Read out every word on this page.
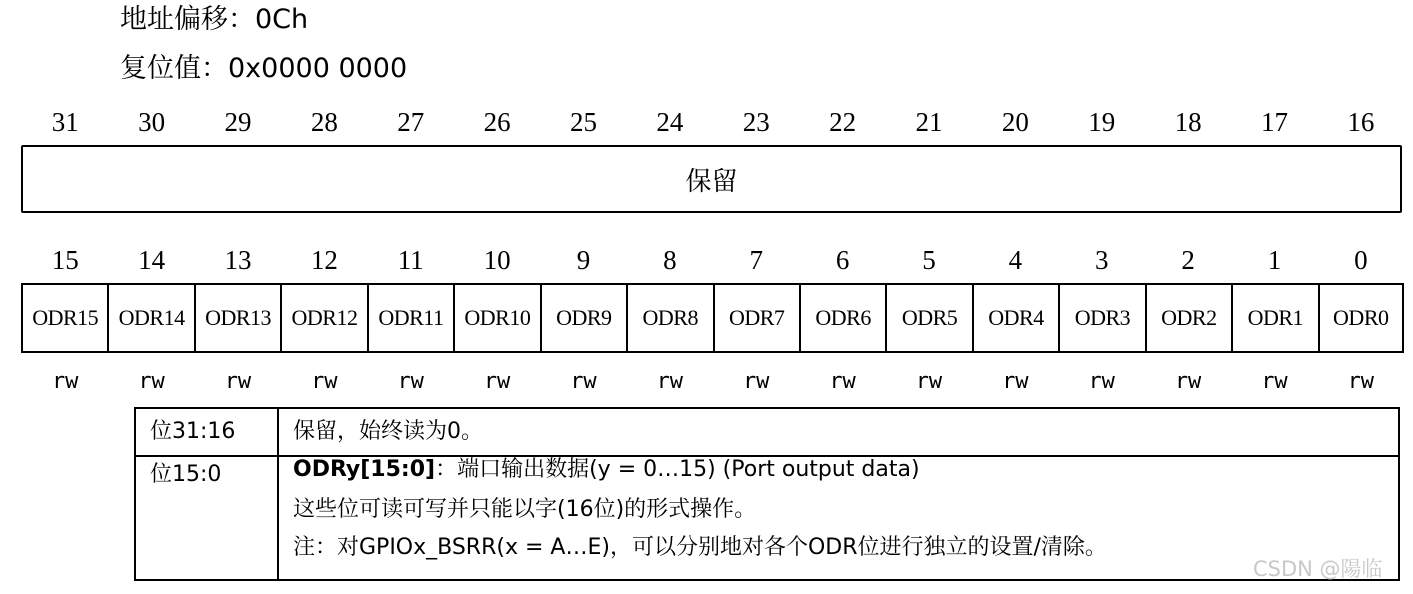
地址偏移：0Ch
复位值：0x0000 0000
31	30	29	28	27	26	25	24	23	22	21	20	19	18	17	16
保留
15	14	13	12	11	10	9	8	7	6	5	4	3	2	1	0
ODR15 ODR14 ODR13 ODR12 ODR11 ODR10	ODR9	ODR8	ODR7	ODR6	ODR5	ODR4	ODR3	ODR2	ODR1	ODR0
rw	rw	rw	rw	rw	rw	rw	rw	rw	rw	rw	rw	rw	rw	rw	rw
位31:16	保留，始终读为0。
位15:0	ODRy[15:0]：端口输出数据(y = 0…15) (Port output data)
这些位可读可写并只能以字(16位)的形式操作。
注：对GPIOx_BSRR(x = A…E)，可以分别地对各个ODR位进行独立的设置/清除。
CSDN @陽临
